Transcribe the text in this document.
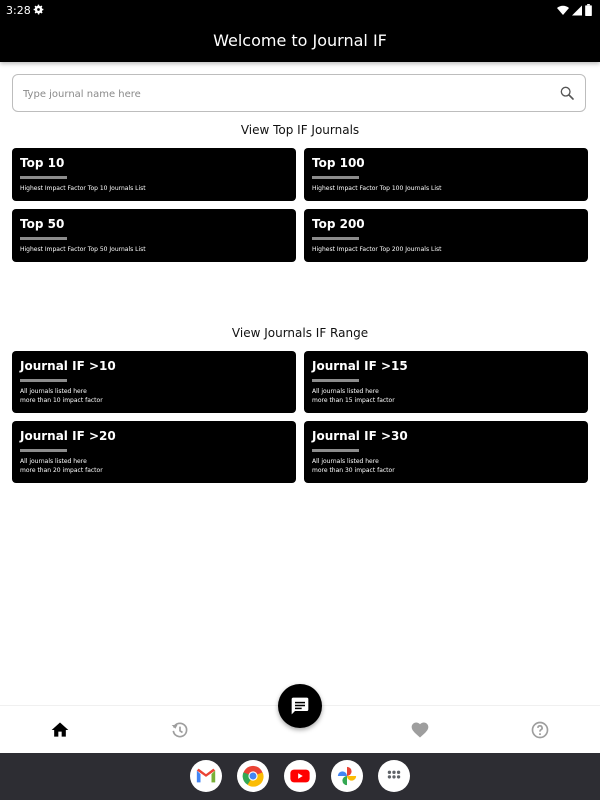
3:28
Welcome to Journal IF
Type journal name here
View Top IF Journals
Top 10
Highest Impact Factor Top 10 Journals List
Top 100
Highest Impact Factor Top 100 Journals List
Top 50
Highest Impact Factor Top 50 Journals List
Top 200
Highest Impact Factor Top 200 Journals List
View Journals IF Range
Journal IF >10
All journals listed here
more than 10 impact factor
Journal IF >15
All journals listed here
more than 15 impact factor
Journal IF >20
All journals listed here
more than 20 impact factor
Journal IF >30
All journals listed here
more than 30 impact factor
